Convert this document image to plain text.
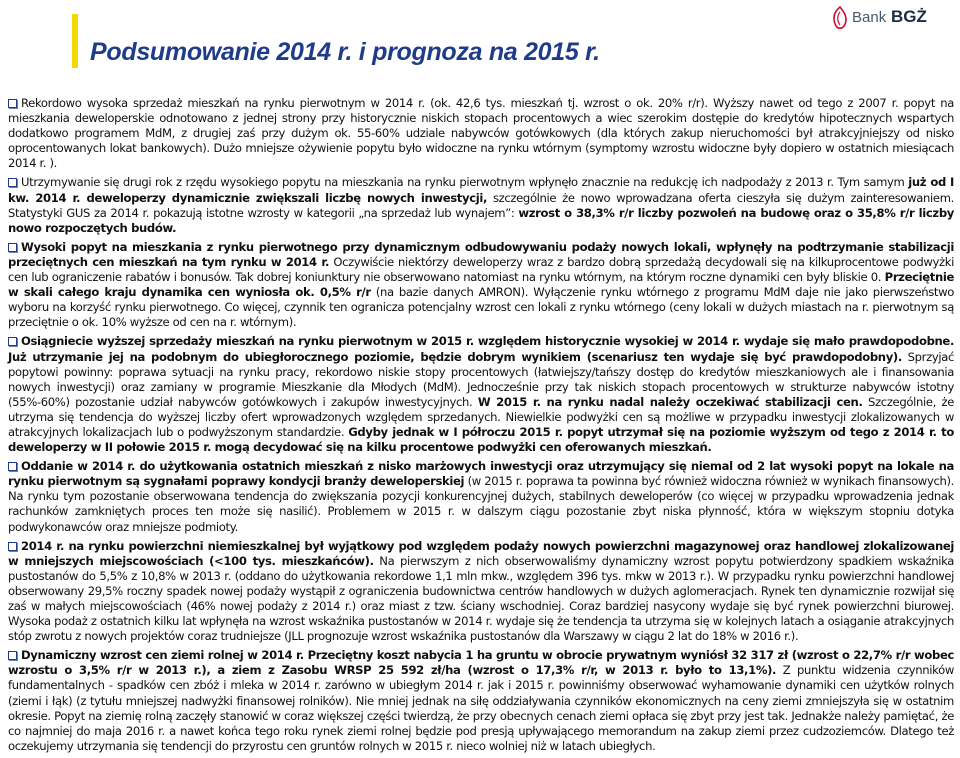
Podsumowanie 2014 r. i prognoza na 2015 r.
Bank BGŻ
Rekordowo wysoka sprzedaż mieszkań na rynku pierwotnym w 2014 r. (ok. 42,6 tys. mieszkań tj. wzrost o ok. 20% r/r). Wyższy nawet od tego z 2007 r. popyt na mieszkania deweloperskie odnotowano z jednej strony przy historycznie niskich stopach procentowych a wiec szerokim dostępie do kredytów hipotecznych wspartych dodatkowo programem MdM, z drugiej zaś przy dużym ok. 55-60% udziale nabywców gotówkowych (dla których zakup nieruchomości był atrakcyjniejszy od nisko oprocentowanych lokat bankowych). Dużo mniejsze ożywienie popytu było widoczne na rynku wtórnym (symptomy wzrostu widoczne były dopiero w ostatnich miesiącach 2014 r. ).
Utrzymywanie się drugi rok z rzędu wysokiego popytu na mieszkania na rynku pierwotnym wpłynęło znacznie na redukcję ich nadpodaży z 2013 r. Tym samym już od I kw. 2014 r. deweloperzy dynamicznie zwiększali liczbę nowych inwestycji, szczególnie że nowo wprowadzana oferta cieszyła się dużym zainteresowaniem. Statystyki GUS za 2014 r. pokazują istotne wzrosty w kategorii „na sprzedaż lub wynajem”: wzrost o 38,3% r/r liczby pozwoleń na budowę oraz o 35,8% r/r liczby nowo rozpoczętych budów.
Wysoki popyt na mieszkania z rynku pierwotnego przy dynamicznym odbudowywaniu podaży nowych lokali, wpłynęły na podtrzymanie stabilizacji przeciętnych cen mieszkań na tym rynku w 2014 r. Oczywiście niektórzy deweloperzy wraz z bardzo dobrą sprzedażą decydowali się na kilkuprocentowe podwyżki cen lub ograniczenie rabatów i bonusów. Tak dobrej koniunktury nie obserwowano natomiast na rynku wtórnym, na którym roczne dynamiki cen były bliskie 0. Przeciętnie w skali całego kraju dynamika cen wyniosła ok. 0,5% r/r (na bazie danych AMRON). Wyłączenie rynku wtórnego z programu MdM daje nie jako pierwszeństwo wyboru na korzyść rynku pierwotnego. Co więcej, czynnik ten ogranicza potencjalny wzrost cen lokali z rynku wtórnego (ceny lokali w dużych miastach na r. pierwotnym są przeciętnie o ok. 10% wyższe od cen na r. wtórnym).
Osiągniecie wyższej sprzedaży mieszkań na rynku pierwotnym w 2015 r. względem historycznie wysokiej w 2014 r. wydaje się mało prawdopodobne. Już utrzymanie jej na podobnym do ubiegłorocznego poziomie, będzie dobrym wynikiem (scenariusz ten wydaje się być prawdopodobny). Sprzyjać popytowi powinny: poprawa sytuacji na rynku pracy, rekordowo niskie stopy procentowych (łatwiejszy/tańszy dostęp do kredytów mieszkaniowych ale i finansowania nowych inwestycji) oraz zamiany w programie Mieszkanie dla Młodych (MdM). Jednocześnie przy tak niskich stopach procentowych w strukturze nabywców istotny (55%-60%) pozostanie udział nabywców gotówkowych i zakupów inwestycyjnych. W 2015 r. na rynku nadal należy oczekiwać stabilizacji cen. Szczególnie, że utrzyma się tendencja do wyższej liczby ofert wprowadzonych względem sprzedanych. Niewielkie podwyżki cen są możliwe w przypadku inwestycji zlokalizowanych w atrakcyjnych lokalizacjach lub o podwyższonym standardzie. Gdyby jednak w I półroczu 2015 r. popyt utrzymał się na poziomie wyższym od tego z 2014 r. to deweloperzy w II połowie 2015 r. mogą decydować się na kilku procentowe podwyżki cen oferowanych mieszkań.
Oddanie w 2014 r. do użytkowania ostatnich mieszkań z nisko marżowych inwestycji oraz utrzymujący się niemal od 2 lat wysoki popyt na lokale na rynku pierwotnym są sygnałami poprawy kondycji branży deweloperskiej (w 2015 r. poprawa ta powinna być również widoczna również w wynikach finansowych). Na rynku tym pozostanie obserwowana tendencja do zwiększania pozycji konkurencyjnej dużych, stabilnych deweloperów (co więcej w przypadku wprowadzenia jednak rachunków zamkniętych proces ten może się nasilić). Problemem w 2015 r. w dalszym ciągu pozostanie zbyt niska płynność, która w większym stopniu dotyka podwykonawców oraz mniejsze podmioty.
2014 r. na rynku powierzchni niemieszkalnej był wyjątkowy pod względem podaży nowych powierzchni magazynowej oraz handlowej zlokalizowanej w mniejszych miejscowościach (<100 tys. mieszkańców). Na pierwszym z nich obserwowaliśmy dynamiczny wzrost popytu potwierdzony spadkiem wskaźnika pustostanów do 5,5% z 10,8% w 2013 r. (oddano do użytkowania rekordowe 1,1 mln mkw., względem 396 tys. mkw w 2013 r.). W przypadku rynku powierzchni handlowej obserwowany 29,5% roczny spadek nowej podaży wystąpił z ograniczenia budownictwa centrów handlowych w dużych aglomeracjach. Rynek ten dynamicznie rozwijał się zaś w małych miejscowościach (46% nowej podaży z 2014 r.) oraz miast z tzw. ściany wschodniej. Coraz bardziej nasycony wydaje się być rynek powierzchni biurowej. Wysoka podaż z ostatnich kilku lat wpłynęła na wzrost wskaźnika pustostanów w 2014 r. wydaje się że tendencja ta utrzyma się w kolejnych latach a osiąganie atrakcyjnych stóp zwrotu z nowych projektów coraz trudniejsze (JLL prognozuje wzrost wskaźnika pustostanów dla Warszawy w ciągu 2 lat do 18% w 2016 r.).
Dynamiczny wzrost cen ziemi rolnej w 2014 r. Przeciętny koszt nabycia 1 ha gruntu w obrocie prywatnym wyniósł 32 317 zł (wzrost o 22,7% r/r wobec wzrostu o 3,5% r/r w 2013 r.), a ziem z Zasobu WRSP 25 592 zł/ha (wzrost o 17,3% r/r, w 2013 r. było to 13,1%). Z punktu widzenia czynników fundamentalnych - spadków cen zbóż i mleka w 2014 r. zarówno w ubiegłym 2014 r. jak i 2015 r. powinniśmy obserwować wyhamowanie dynamiki cen użytków rolnych (ziemi i łąk) (z tytułu mniejszej nadwyżki finansowej rolników). Nie mniej jednak na siłę oddziaływania czynników ekonomicznych na ceny ziemi zmniejszyła się w ostatnim okresie. Popyt na ziemię rolną zaczęły stanowić w coraz większej części twierdzą, że przy obecnych cenach ziemi opłaca się zbyt przy jest tak. Jednakże należy pamiętać, że co najmniej do maja 2016 r. a nawet końca tego roku rynek ziemi rolnej będzie pod presją upływającego memorandum na zakup ziemi przez cudzoziemców. Dlatego też oczekujemy utrzymania się tendencji do przyrostu cen gruntów rolnych w 2015 r. nieco wolniej niż w latach ubiegłych.
